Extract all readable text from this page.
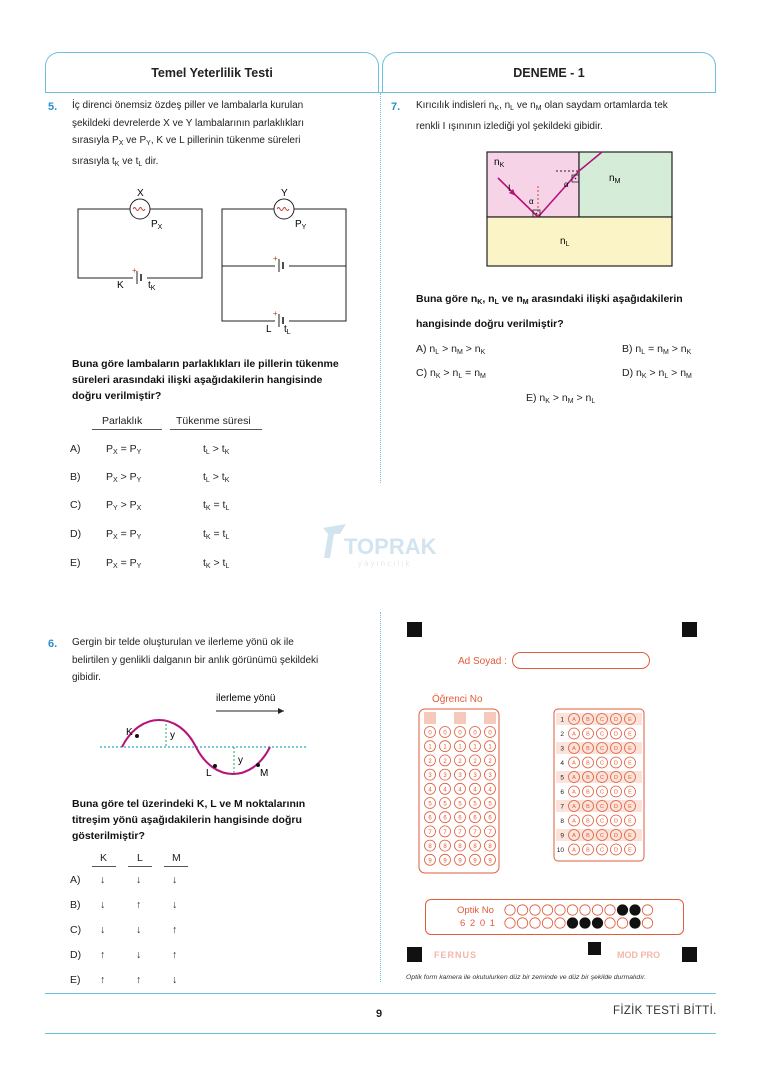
Temel Yeterlilik Testi	DENEME - 1
5. İç direnci önemsiz özdeş piller ve lambalarla kurulan
şekildeki devrelerde X ve Y lambalarının parlaklıkları
sırasıyla $P_X$ ve $P_Y$, K ve L pillerinin tükenme süreleri
sırasıyla $t_K$ ve $t_L$ dir.
X
$P_X$
+
K $t_K$
Y
$P_Y$
+
+
L $t_L$
Buna göre lambaların parlaklıkları ile pillerin tükenme
süreleri arasındaki ilişki aşağıdakilerin hangisinde
doğru verilmiştir?
Parlaklık	Tükenme süresi
A) $P_X = P_Y$	$t_L > t_K$
B) $P_X > P_Y$	$t_L > t_K$
C) $P_Y > P_X$	$t_K = t_L$
D) $P_X = P_Y$	$t_K = t_L$
E) $P_X = P_Y$	$t_K > t_L$
TOPRAK
yayıncılık
6. Gergin bir telde oluşturulan ve ilerleme yönü ok ile
belirtilen y genlikli dalganın bir anlık görünümü şekildeki
gibidir.
ilerleme yönü
y
y
K
L	M
Buna göre tel üzerindeki K, L ve M noktalarının
titreşim yönü aşağıdakilerin hangisinde doğru
gösterilmiştir?
K	L	M
A) ↓	↓	↓
B) ↓	↑	↓
C) ↓	↓	↑
D) ↑	↓	↑
E) ↑	↑	↓
7. Kırıcılık indisleri $n_K$, $n_L$ ve $n_M$ olan saydam ortamlarda tek
renkli I ışınının izlediği yol şekildeki gibidir.
$n_K$
$n_M$
$n_L$
I
α
α
Buna göre $n_K$, $n_L$ ve $n_M$ arasındaki ilişki aşağıdakilerin
hangisinde doğru verilmiştir?
A) $n_L > n_M > n_K$	B) $n_L = n_M > n_K$
C) $n_K > n_L = n_M$	D) $n_K > n_L > n_M$
E) $n_K > n_M > n_L$
Ad Soyad :
Öğrenci No
0 0 0 0 0
1 1 1 1 1
2 2 2 2 2
3 3 3 3 3
4 4 4 4 4
5 5 5 5 5
6 6 6 6 6
7 7 7 7 7
8 8 8 8 8
9 9 9 9 9
1 A B C D E
2 A B C D E
3 A B C D E
4 A B C D E
5 A B C D E
6 A B C D E
7 A B C D E
8 A B C D E
9 A B C D E
10 A B C D E
Optik No
6 2 0 1
FERNUS	MOD PRO
Optik form kamera ile okutulurken düz bir zeminde ve düz bir şekilde durmalıdır.
9	FİZİK TESTİ BİTTİ.
